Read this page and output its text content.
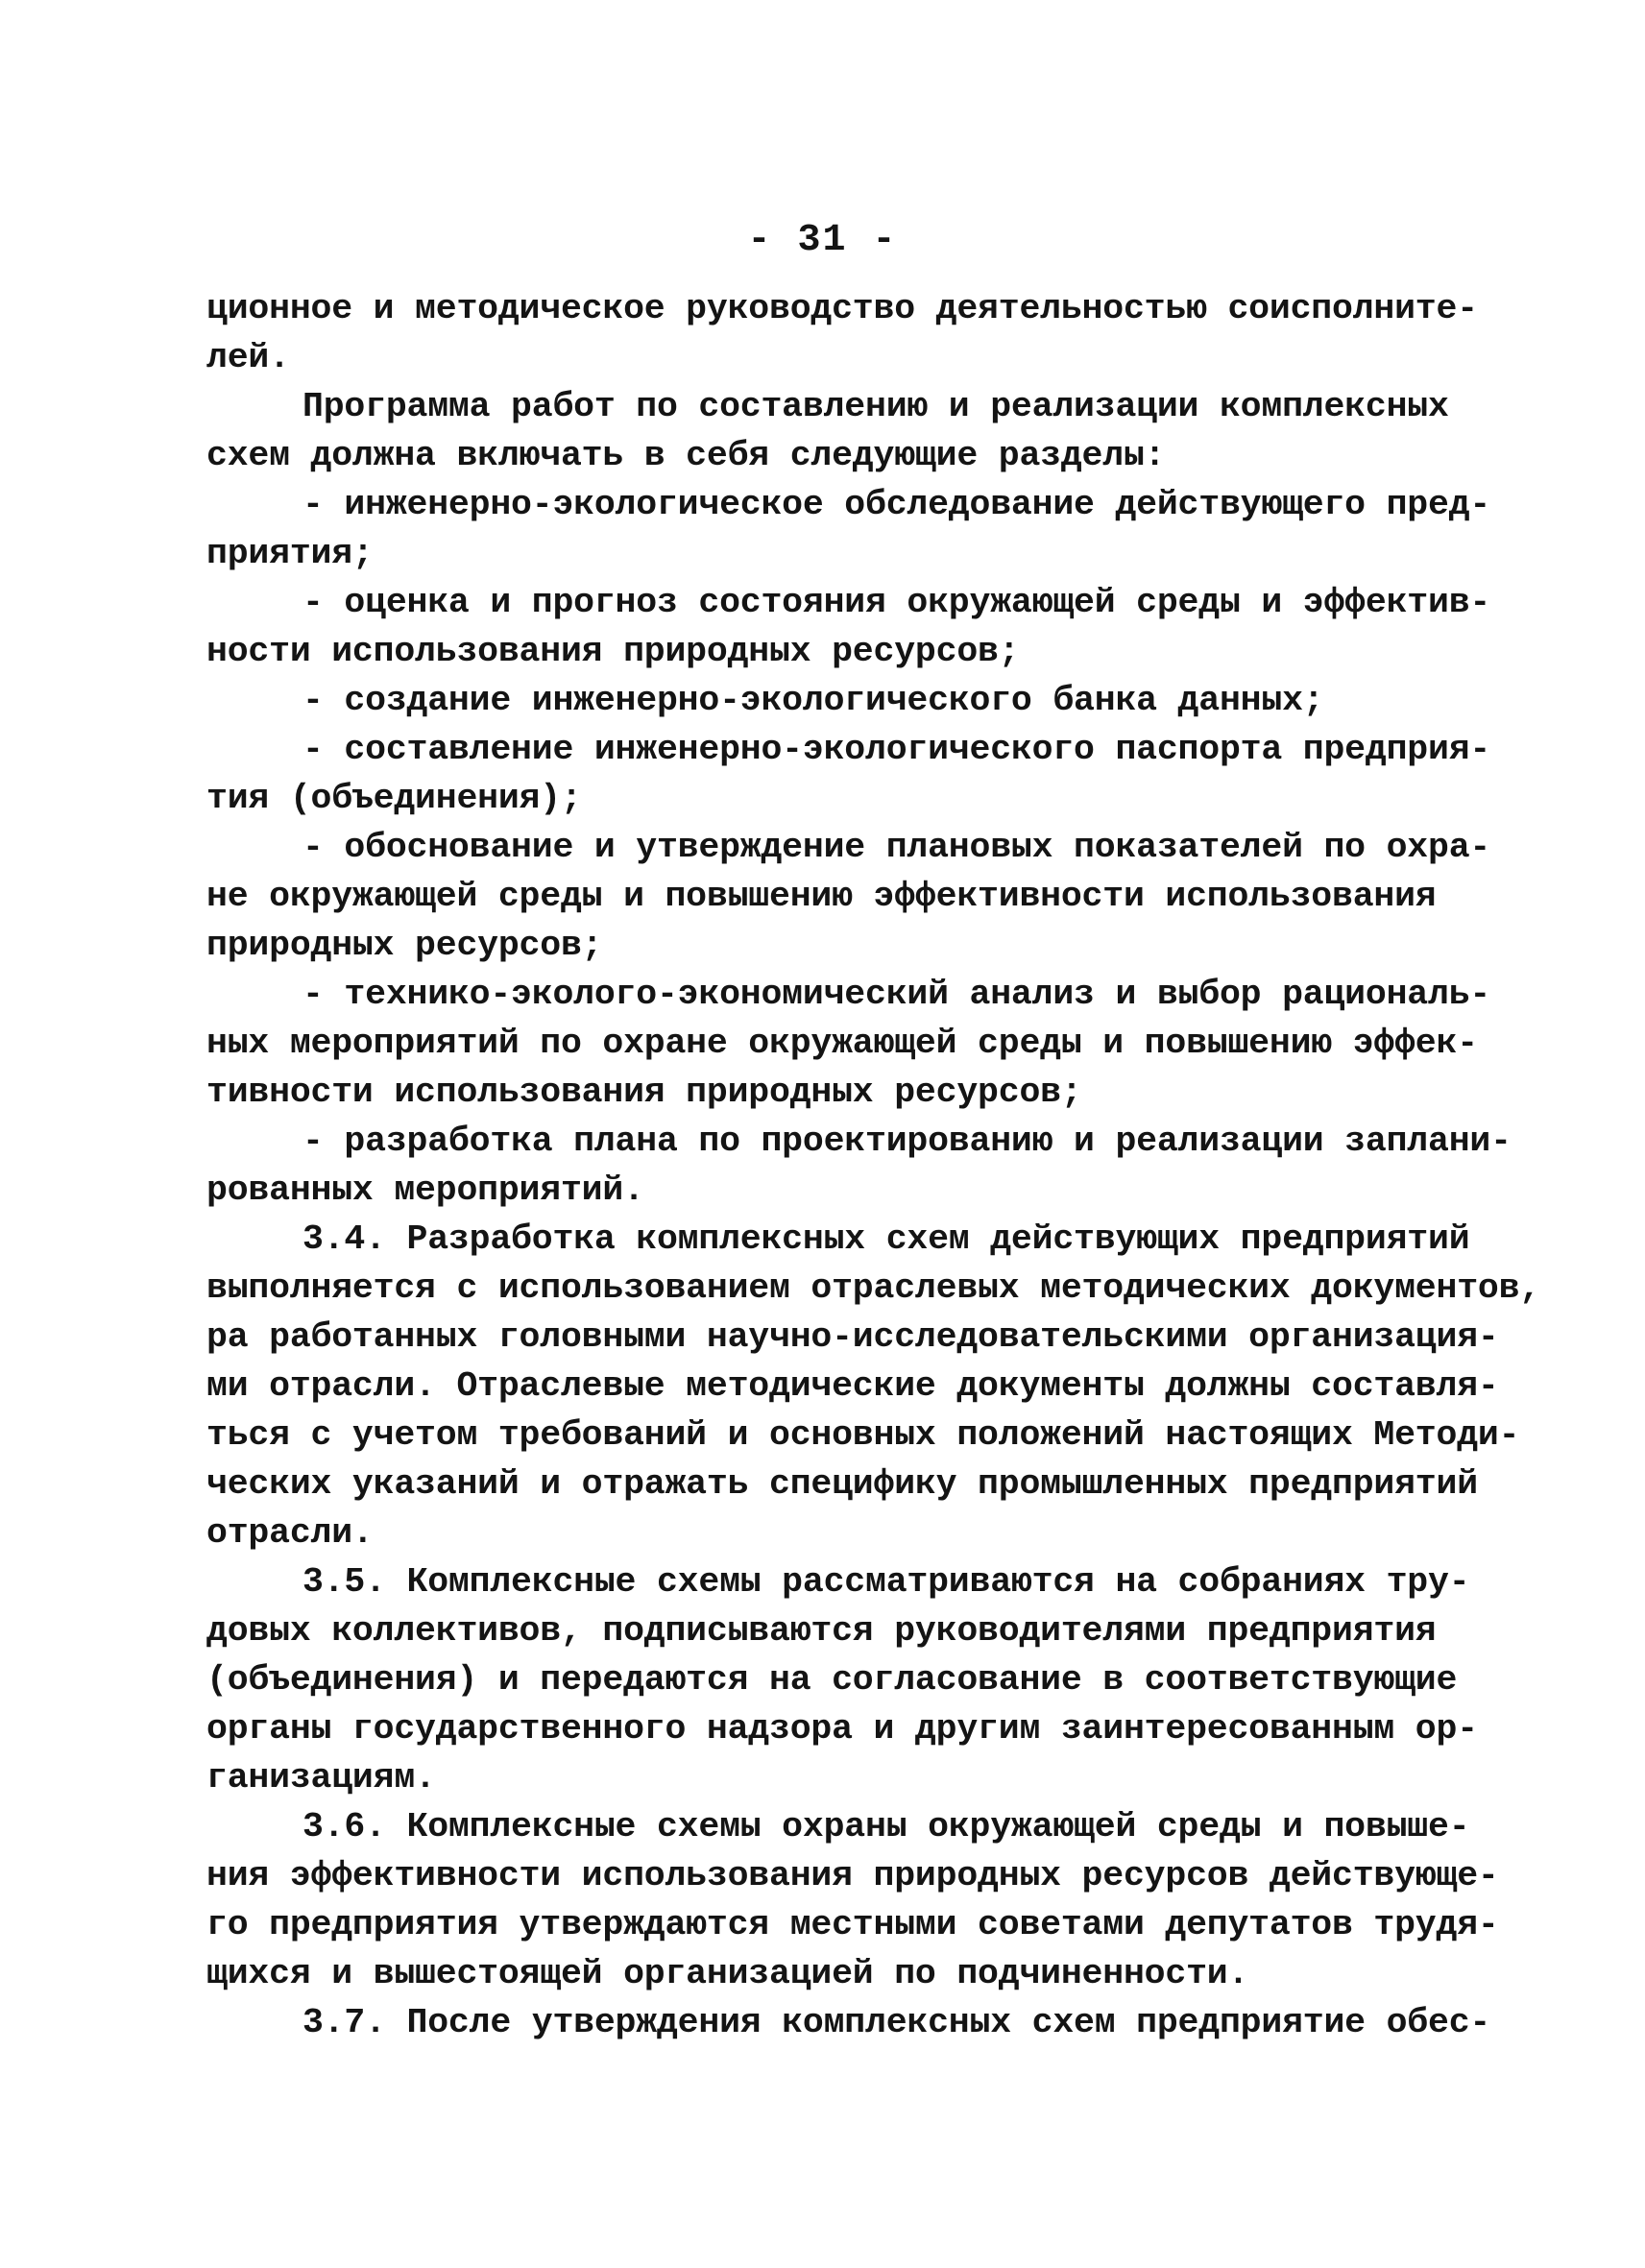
- 31 -
ционное и методическое руководство деятельностью соисполните-
лей.
Программа работ по составлению и реализации комплексных
схем должна включать в себя следующие разделы:
- инженерно-экологическое обследование действующего пред-
приятия;
- оценка и прогноз состояния окружающей среды и эффектив-
ности использования природных ресурсов;
- создание инженерно-экологического банка данных;
- составление инженерно-экологического паспорта предприя-
тия (объединения);
- обоснование и утверждение плановых показателей по охра-
не окружающей среды и повышению эффективности использования
природных ресурсов;
- технико-эколого-экономический анализ и выбор рациональ-
ных мероприятий по охране окружающей среды и повышению эффек-
тивности использования природных ресурсов;
- разработка плана по проектированию и реализации заплани-
рованных мероприятий.
3.4. Разработка комплексных схем действующих предприятий
выполняется с использованием отраслевых методических документов,
ра работанных головными научно-исследовательскими организация-
ми отрасли. Отраслевые методические документы должны составля-
ться с учетом требований и основных положений настоящих Методи-
ческих указаний и отражать специфику промышленных предприятий
отрасли.
3.5. Комплексные схемы рассматриваются на собраниях тру-
довых коллективов, подписываются руководителями предприятия
(объединения) и передаются на согласование в соответствующие
органы государственного надзора и другим заинтересованным ор-
ганизациям.
3.6. Комплексные схемы охраны окружающей среды и повыше-
ния эффективности использования природных ресурсов действующе-
го предприятия утверждаются местными советами депутатов трудя-
щихся и вышестоящей организацией по подчиненности.
3.7. После утверждения комплексных схем предприятие обес-
